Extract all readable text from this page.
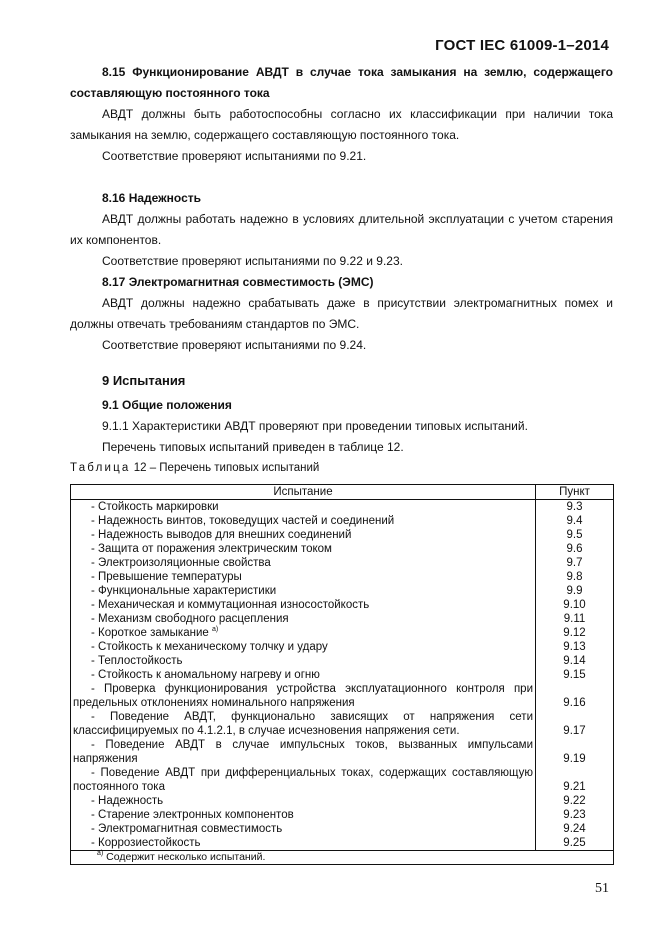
ГОСТ IEC 61009-1–2014

8.15 Функционирование АВДТ в случае тока замыкания на землю, содержащего составляющую постоянного тока

АВДТ должны быть работоспособны согласно их классификации при наличии тока замыкания на землю, содержащего составляющую постоянного тока.

Соответствие проверяют испытаниями по 9.21.

8.16 Надежность

АВДТ должны работать надежно в условиях длительной эксплуатации с учетом старения их компонентов.

Соответствие проверяют испытаниями по 9.22 и 9.23.

8.17 Электромагнитная совместимость (ЭМС)

АВДТ должны надежно срабатывать даже в присутствии электромагнитных помех и должны отвечать требованиям стандартов по ЭМС.

Соответствие проверяют испытаниями по 9.24.

9 Испытания

9.1 Общие положения

9.1.1 Характеристики АВДТ проверяют при проведении типовых испытаний.

Перечень типовых испытаний приведен в таблице 12.

Таблица 12 – Перечень типовых испытаний

Испытание	Пункт
- Стойкость маркировки	9.3
- Надежность винтов, токоведущих частей и соединений	9.4
- Надежность выводов для внешних соединений	9.5
- Защита от поражения электрическим током	9.6
- Электроизоляционные свойства	9.7
- Превышение температуры	9.8
- Функциональные характеристики	9.9
- Механическая и коммутационная износостойкость	9.10
- Механизм свободного расцепления	9.11
- Короткое замыкание $^{a)}$	9.12
- Стойкость к механическому толчку и удару	9.13
- Теплостойкость	9.14
- Стойкость к аномальному нагреву и огню	9.15
- Проверка функционирования устройства эксплуатационного контроля при предельных отклонениях номинального напряжения	9.16
- Поведение АВДТ, функционально зависящих от напряжения сети классифицируемых по 4.1.2.1, в случае исчезновения напряжения сети.	9.17
- Поведение АВДТ в случае импульсных токов, вызванных импульсами напряжения	9.19
- Поведение АВДТ при дифференциальных токах, содержащих составляющую постоянного тока	9.21
- Надежность	9.22
- Старение электронных компонентов	9.23
- Электромагнитная совместимость	9.24
- Коррозиестойкость	9.25
$^{a)}$ Содержит несколько испытаний.	
51
